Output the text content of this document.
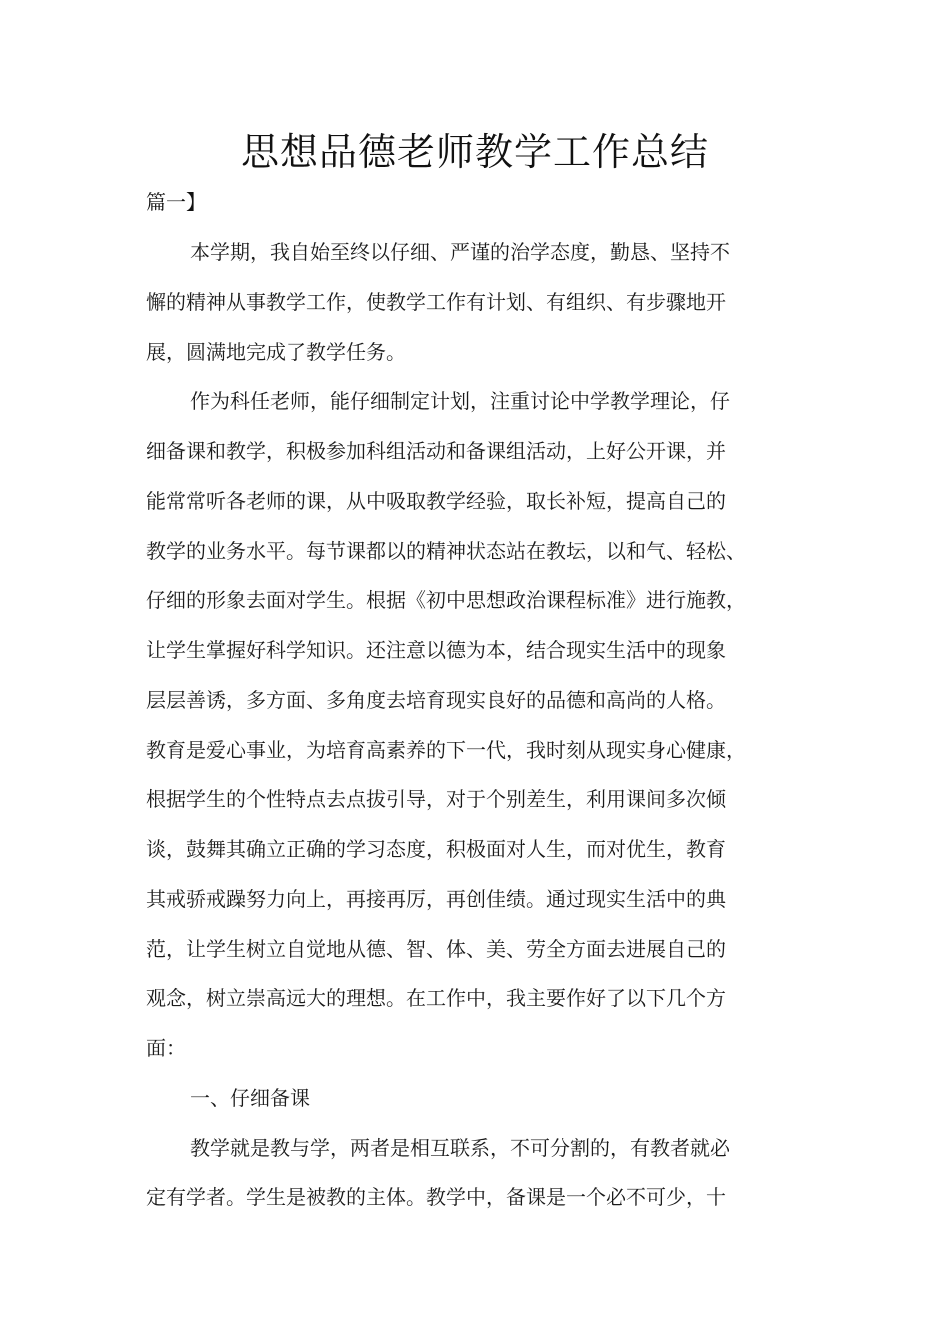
思想品德老师教学工作总结
篇一】
本学期，我自始至终以仔细、严谨的治学态度，勤恳、坚持不
懈的精神从事教学工作，使教学工作有计划、有组织、有步骤地开
展，圆满地完成了教学任务。
作为科任老师，能仔细制定计划，注重讨论中学教学理论，仔
细备课和教学，积极参加科组活动和备课组活动，上好公开课，并
能常常听各老师的课，从中吸取教学经验，取长补短，提高自己的
教学的业务水平。每节课都以的精神状态站在教坛，以和气、轻松、
仔细的形象去面对学生。根据《初中思想政治课程标准》进行施教，
让学生掌握好科学知识。还注意以德为本，结合现实生活中的现象
层层善诱，多方面、多角度去培育现实良好的品德和高尚的人格。
教育是爱心事业，为培育高素养的下一代，我时刻从现实身心健康，
根据学生的个性特点去点拔引导，对于个别差生，利用课间多次倾
谈，鼓舞其确立正确的学习态度，积极面对人生，而对优生，教育
其戒骄戒躁努力向上，再接再厉，再创佳绩。通过现实生活中的典
范，让学生树立自觉地从德、智、体、美、劳全方面去进展自己的
观念，树立崇高远大的理想。在工作中，我主要作好了以下几个方
面：
一、仔细备课
教学就是教与学，两者是相互联系，不可分割的，有教者就必
定有学者。学生是被教的主体。教学中，备课是一个必不可少，十
